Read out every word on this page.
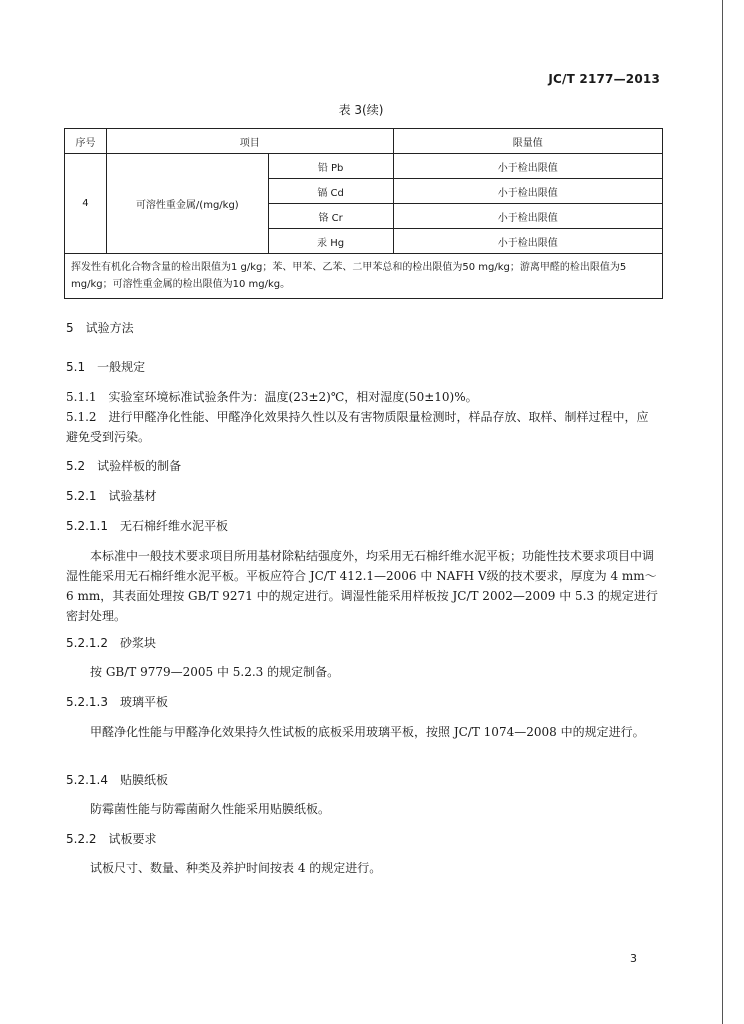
JC/T 2177—2013
表 3(续)
序号	项目		限量值
4	可溶性重金属/(mg/kg)	铅 Pb	小于检出限值
		镉 Cd	小于检出限值
		铬 Cr	小于检出限值
		汞 Hg	小于检出限值
挥发性有机化合物含量的检出限值为1 g/kg；苯、甲苯、乙苯、二甲苯总和的检出限值为50 mg/kg；游离甲醛的检出限值为5 mg/kg；可溶性重金属的检出限值为10 mg/kg。			

5　试验方法

5.1　一般规定

5.1.1　实验室环境标准试验条件为：温度(23±2)℃，相对湿度(50±10)%。

5.1.2　进行甲醛净化性能、甲醛净化效果持久性以及有害物质限量检测时，样品存放、取样、制样过程中，应避免受到污染。

5.2　试验样板的制备

5.2.1　试验基材

5.2.1.1　无石棉纤维水泥平板

本标准中一般技术要求项目所用基材除粘结强度外，均采用无石棉纤维水泥平板；功能性技术要求项目中调湿性能采用无石棉纤维水泥平板。平板应符合 JC/T 412.1—2006 中 NAFH Ⅴ级的技术要求，厚度为 4 mm～6 mm，其表面处理按 GB/T 9271 中的规定进行。调湿性能采用样板按 JC/T 2002—2009 中 5.3 的规定进行密封处理。

5.2.1.2　砂浆块

按 GB/T 9779—2005 中 5.2.3 的规定制备。

5.2.1.3　玻璃平板

甲醛净化性能与甲醛净化效果持久性试板的底板采用玻璃平板，按照 JC/T 1074—2008 中的规定进行。

5.2.1.4　贴膜纸板

防霉菌性能与防霉菌耐久性能采用贴膜纸板。

5.2.2　试板要求

试板尺寸、数量、种类及养护时间按表 4 的规定进行。

3
